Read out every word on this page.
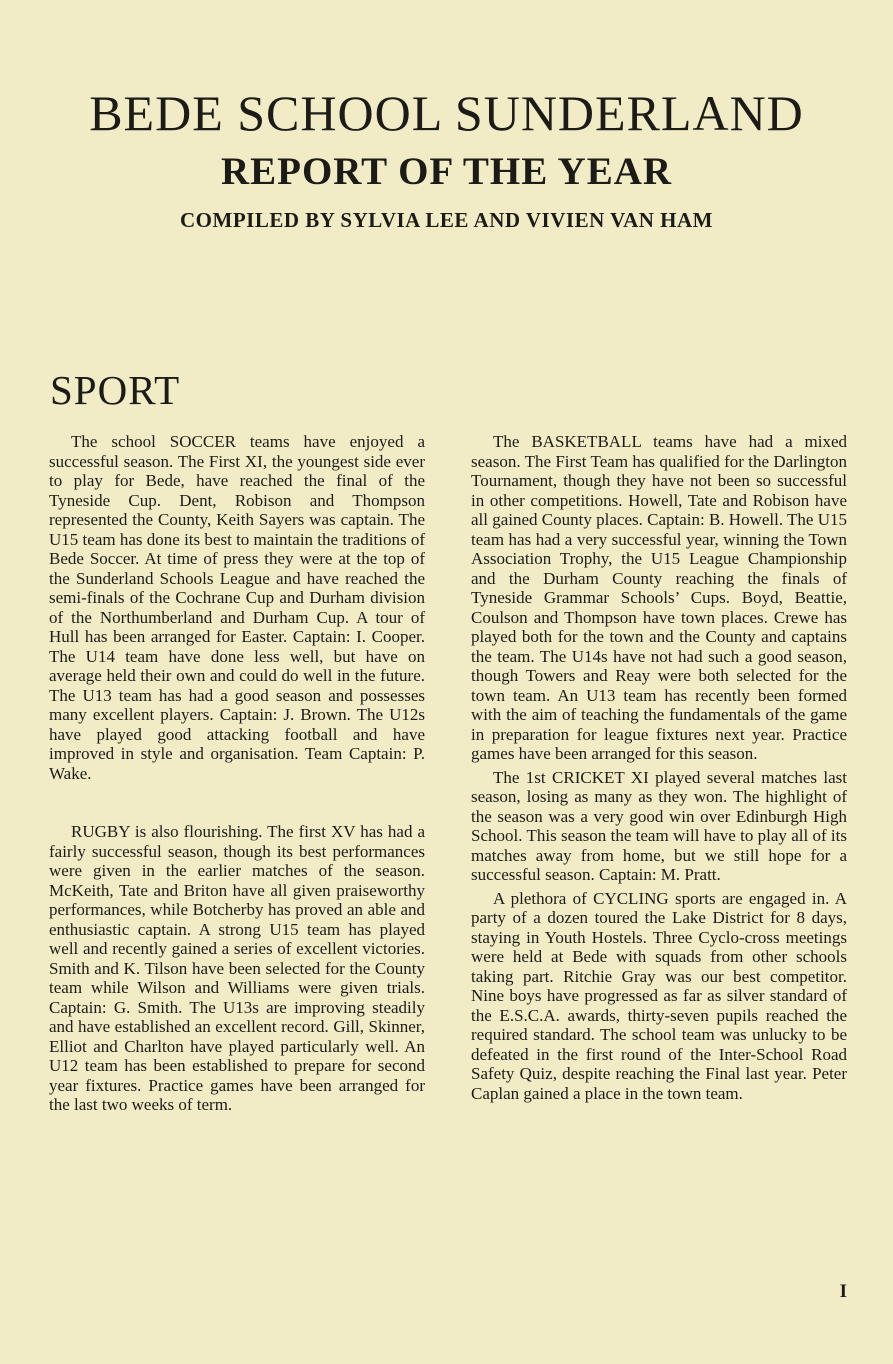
BEDE SCHOOL SUNDERLAND
REPORT OF THE YEAR
COMPILED BY SYLVIA LEE AND VIVIEN VAN HAM
SPORT

The school SOCCER teams have enjoyed a successful season. The First XI, the youngest side ever to play for Bede, have reached the final of the Tyneside Cup. Dent, Robison and Thompson represented the County, Keith Sayers was captain. The U15 team has done its best to maintain the traditions of Bede Soccer. At time of press they were at the top of the Sunderland Schools League and have reached the semi-finals of the Cochrane Cup and Durham division of the Northumberland and Durham Cup. A tour of Hull has been arranged for Easter. Captain: I. Cooper. The U14 team have done less well, but have on average held their own and could do well in the future. The U13 team has had a good season and possesses many excellent players. Captain: J. Brown. The U12s have played good attacking football and have improved in style and organisation. Team Captain: P. Wake.

RUGBY is also flourishing. The first XV has had a fairly successful season, though its best performances were given in the earlier matches of the season. McKeith, Tate and Briton have all given praiseworthy performances, while Botcherby has proved an able and enthusiastic captain. A strong U15 team has played well and recently gained a series of excellent victories. Smith and K. Tilson have been selected for the County team while Wilson and Williams were given trials. Captain: G. Smith. The U13s are improving steadily and have established an excellent record. Gill, Skinner, Elliot and Charlton have played particularly well. An U12 team has been established to prepare for second year fixtures. Practice games have been arranged for the last two weeks of term.

The BASKETBALL teams have had a mixed season. The First Team has qualified for the Darlington Tournament, though they have not been so successful in other competitions. Howell, Tate and Robison have all gained County places. Captain: B. Howell. The U15 team has had a very successful year, winning the Town Association Trophy, the U15 League Championship and the Durham County reaching the finals of Tyneside Grammar Schools’ Cups. Boyd, Beattie, Coulson and Thompson have town places. Crewe has played both for the town and the County and captains the team. The U14s have not had such a good season, though Towers and Reay were both selected for the town team. An U13 team has recently been formed with the aim of teaching the fundamentals of the game in preparation for league fixtures next year. Practice games have been arranged for this season.

The 1st CRICKET XI played several matches last season, losing as many as they won. The highlight of the season was a very good win over Edinburgh High School. This season the team will have to play all of its matches away from home, but we still hope for a successful season. Captain: M. Pratt.

A plethora of CYCLING sports are engaged in. A party of a dozen toured the Lake District for 8 days, staying in Youth Hostels. Three Cyclo-cross meetings were held at Bede with squads from other schools taking part. Ritchie Gray was our best competitor. Nine boys have progressed as far as silver standard of the E.S.C.A. awards, thirty-seven pupils reached the required standard. The school team was unlucky to be defeated in the first round of the Inter-School Road Safety Quiz, despite reaching the Final last year. Peter Caplan gained a place in the town team.

I
